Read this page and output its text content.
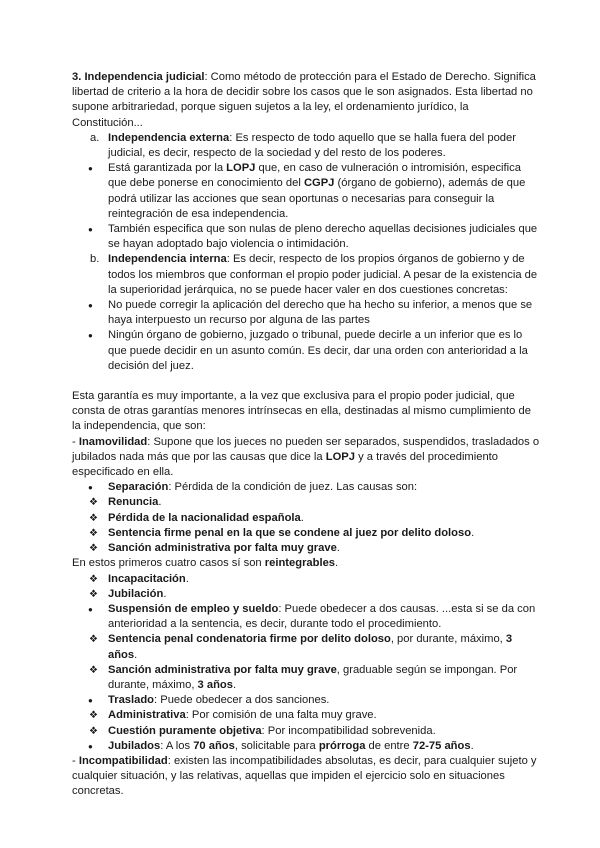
3. Independencia judicial: Como método de protección para el Estado de Derecho. Significa libertad de criterio a la hora de decidir sobre los casos que le son asignados. Esta libertad no supone arbitrariedad, porque siguen sujetos a la ley, el ordenamiento jurídico, la Constitución...

a. Independencia externa: Es respecto de todo aquello que se halla fuera del poder judicial, es decir, respecto de la sociedad y del resto de los poderes.
●
Está garantizada por la LOPJ que, en caso de vulneración o intromisión, especifica que debe ponerse en conocimiento del CGPJ (órgano de gobierno), además de que podrá utilizar las acciones que sean oportunas o necesarias para conseguir la reintegración de esa independencia.
●
También especifica que son nulas de pleno derecho aquellas decisiones judiciales que se hayan adoptado bajo violencia o intimidación.
b. Independencia interna: Es decir, respecto de los propios órganos de gobierno y de todos los miembros que conforman el propio poder judicial. A pesar de la existencia de la superioridad jerárquica, no se puede hacer valer en dos cuestiones concretas:
●
No puede corregir la aplicación del derecho que ha hecho su inferior, a menos que se haya interpuesto un recurso por alguna de las partes
●
Ningún órgano de gobierno, juzgado o tribunal, puede decirle a un inferior que es lo que puede decidir en un asunto común. Es decir, dar una orden con anterioridad a la decisión del juez.

Esta garantía es muy importante, a la vez que exclusiva para el propio poder judicial, que consta de otras garantías menores intrínsecas en ella, destinadas al mismo cumplimiento de la independencia, que son:

- Inamovilidad: Supone que los jueces no pueden ser separados, suspendidos, trasladados o jubilados nada más que por las causas que dice la LOPJ y a través del procedimiento especificado en ella.

●
Separación: Pérdida de la condición de juez. Las causas son:
❖ Renuncia.
❖ Pérdida de la nacionalidad española.
❖ Sentencia firme penal en la que se condene al juez por delito doloso.
❖ Sanción administrativa por falta muy grave.

En estos primeros cuatro casos sí son reintegrables.

❖ Incapacitación.
❖ Jubilación.
●
Suspensión de empleo y sueldo: Puede obedecer a dos causas. ...esta si se da con anterioridad a la sentencia, es decir, durante todo el procedimiento.
❖ Sentencia penal condenatoria firme por delito doloso, por durante, máximo, 3 años.
❖ Sanción administrativa por falta muy grave, graduable según se impongan. Por durante, máximo, 3 años.
●
Traslado: Puede obedecer a dos sanciones.
❖ Administrativa: Por comisión de una falta muy grave.
❖ Cuestión puramente objetiva: Por incompatibilidad sobrevenida.
●
Jubilados: A los 70 años, solicitable para prórroga de entre 72-75 años.

- Incompatibilidad: existen las incompatibilidades absolutas, es decir, para cualquier sujeto y cualquier situación, y las relativas, aquellas que impiden el ejercicio solo en situaciones concretas.
